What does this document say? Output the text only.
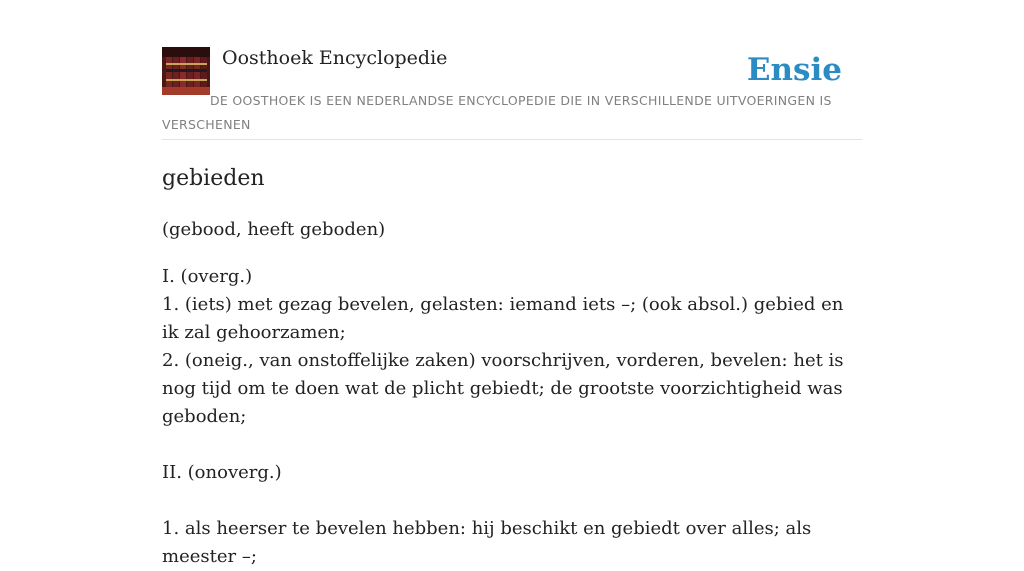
Oosthoek Encyclopedie	Ensie
DE OOSTHOEK IS EEN NEDERLANDSE ENCYCLOPEDIE DIE IN VERSCHILLENDE UITVOERINGEN IS VERSCHENEN
gebieden
(gebood, heeft geboden)
I. (overg.)
1. (iets) met gezag bevelen, gelasten: iemand iets –; (ook absol.) gebied en ik zal gehoorzamen;
2. (oneig., van onstoffelijke zaken) voorschrijven, vorderen, bevelen: het is nog tijd om te doen wat de plicht gebiedt; de grootste voorzichtigheid was geboden;
II. (onoverg.)
1. als heerser te bevelen hebben: hij beschikt en gebiedt over alles; als meester –;
